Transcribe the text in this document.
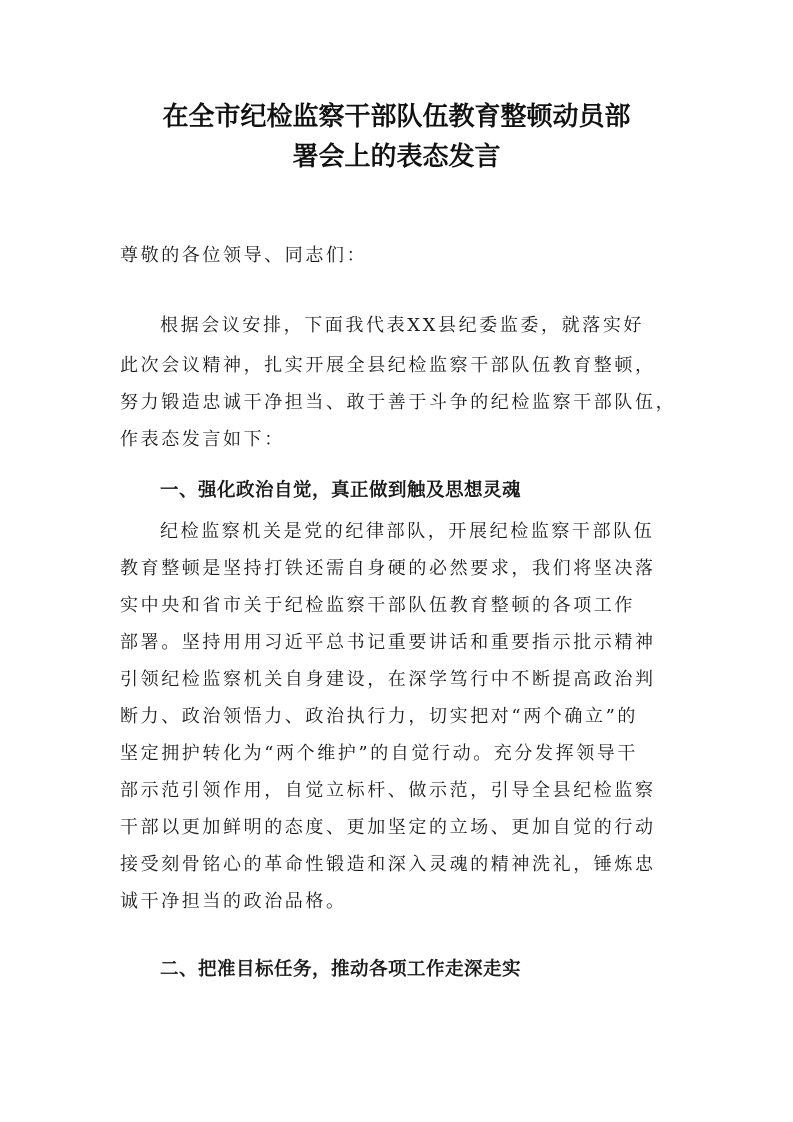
在全市纪检监察干部队伍教育整顿动员部
署会上的表态发言
尊敬的各位领导、同志们：
根据会议安排，下面我代表XX县纪委监委，就落实好
此次会议精神，扎实开展全县纪检监察干部队伍教育整顿，
努力锻造忠诚干净担当、敢于善于斗争的纪检监察干部队伍，
作表态发言如下：
一、强化政治自觉，真正做到触及思想灵魂
纪检监察机关是党的纪律部队，开展纪检监察干部队伍
教育整顿是坚持打铁还需自身硬的必然要求，我们将坚决落
实中央和省市关于纪检监察干部队伍教育整顿的各项工作
部署。坚持用用习近平总书记重要讲话和重要指示批示精神
引领纪检监察机关自身建设，在深学笃行中不断提高政治判
断力、政治领悟力、政治执行力，切实把对“两个确立”的
坚定拥护转化为“两个维护”的自觉行动。充分发挥领导干
部示范引领作用，自觉立标杆、做示范，引导全县纪检监察
干部以更加鲜明的态度、更加坚定的立场、更加自觉的行动
接受刻骨铭心的革命性锻造和深入灵魂的精神洗礼，锤炼忠
诚干净担当的政治品格。
二、把准目标任务，推动各项工作走深走实
